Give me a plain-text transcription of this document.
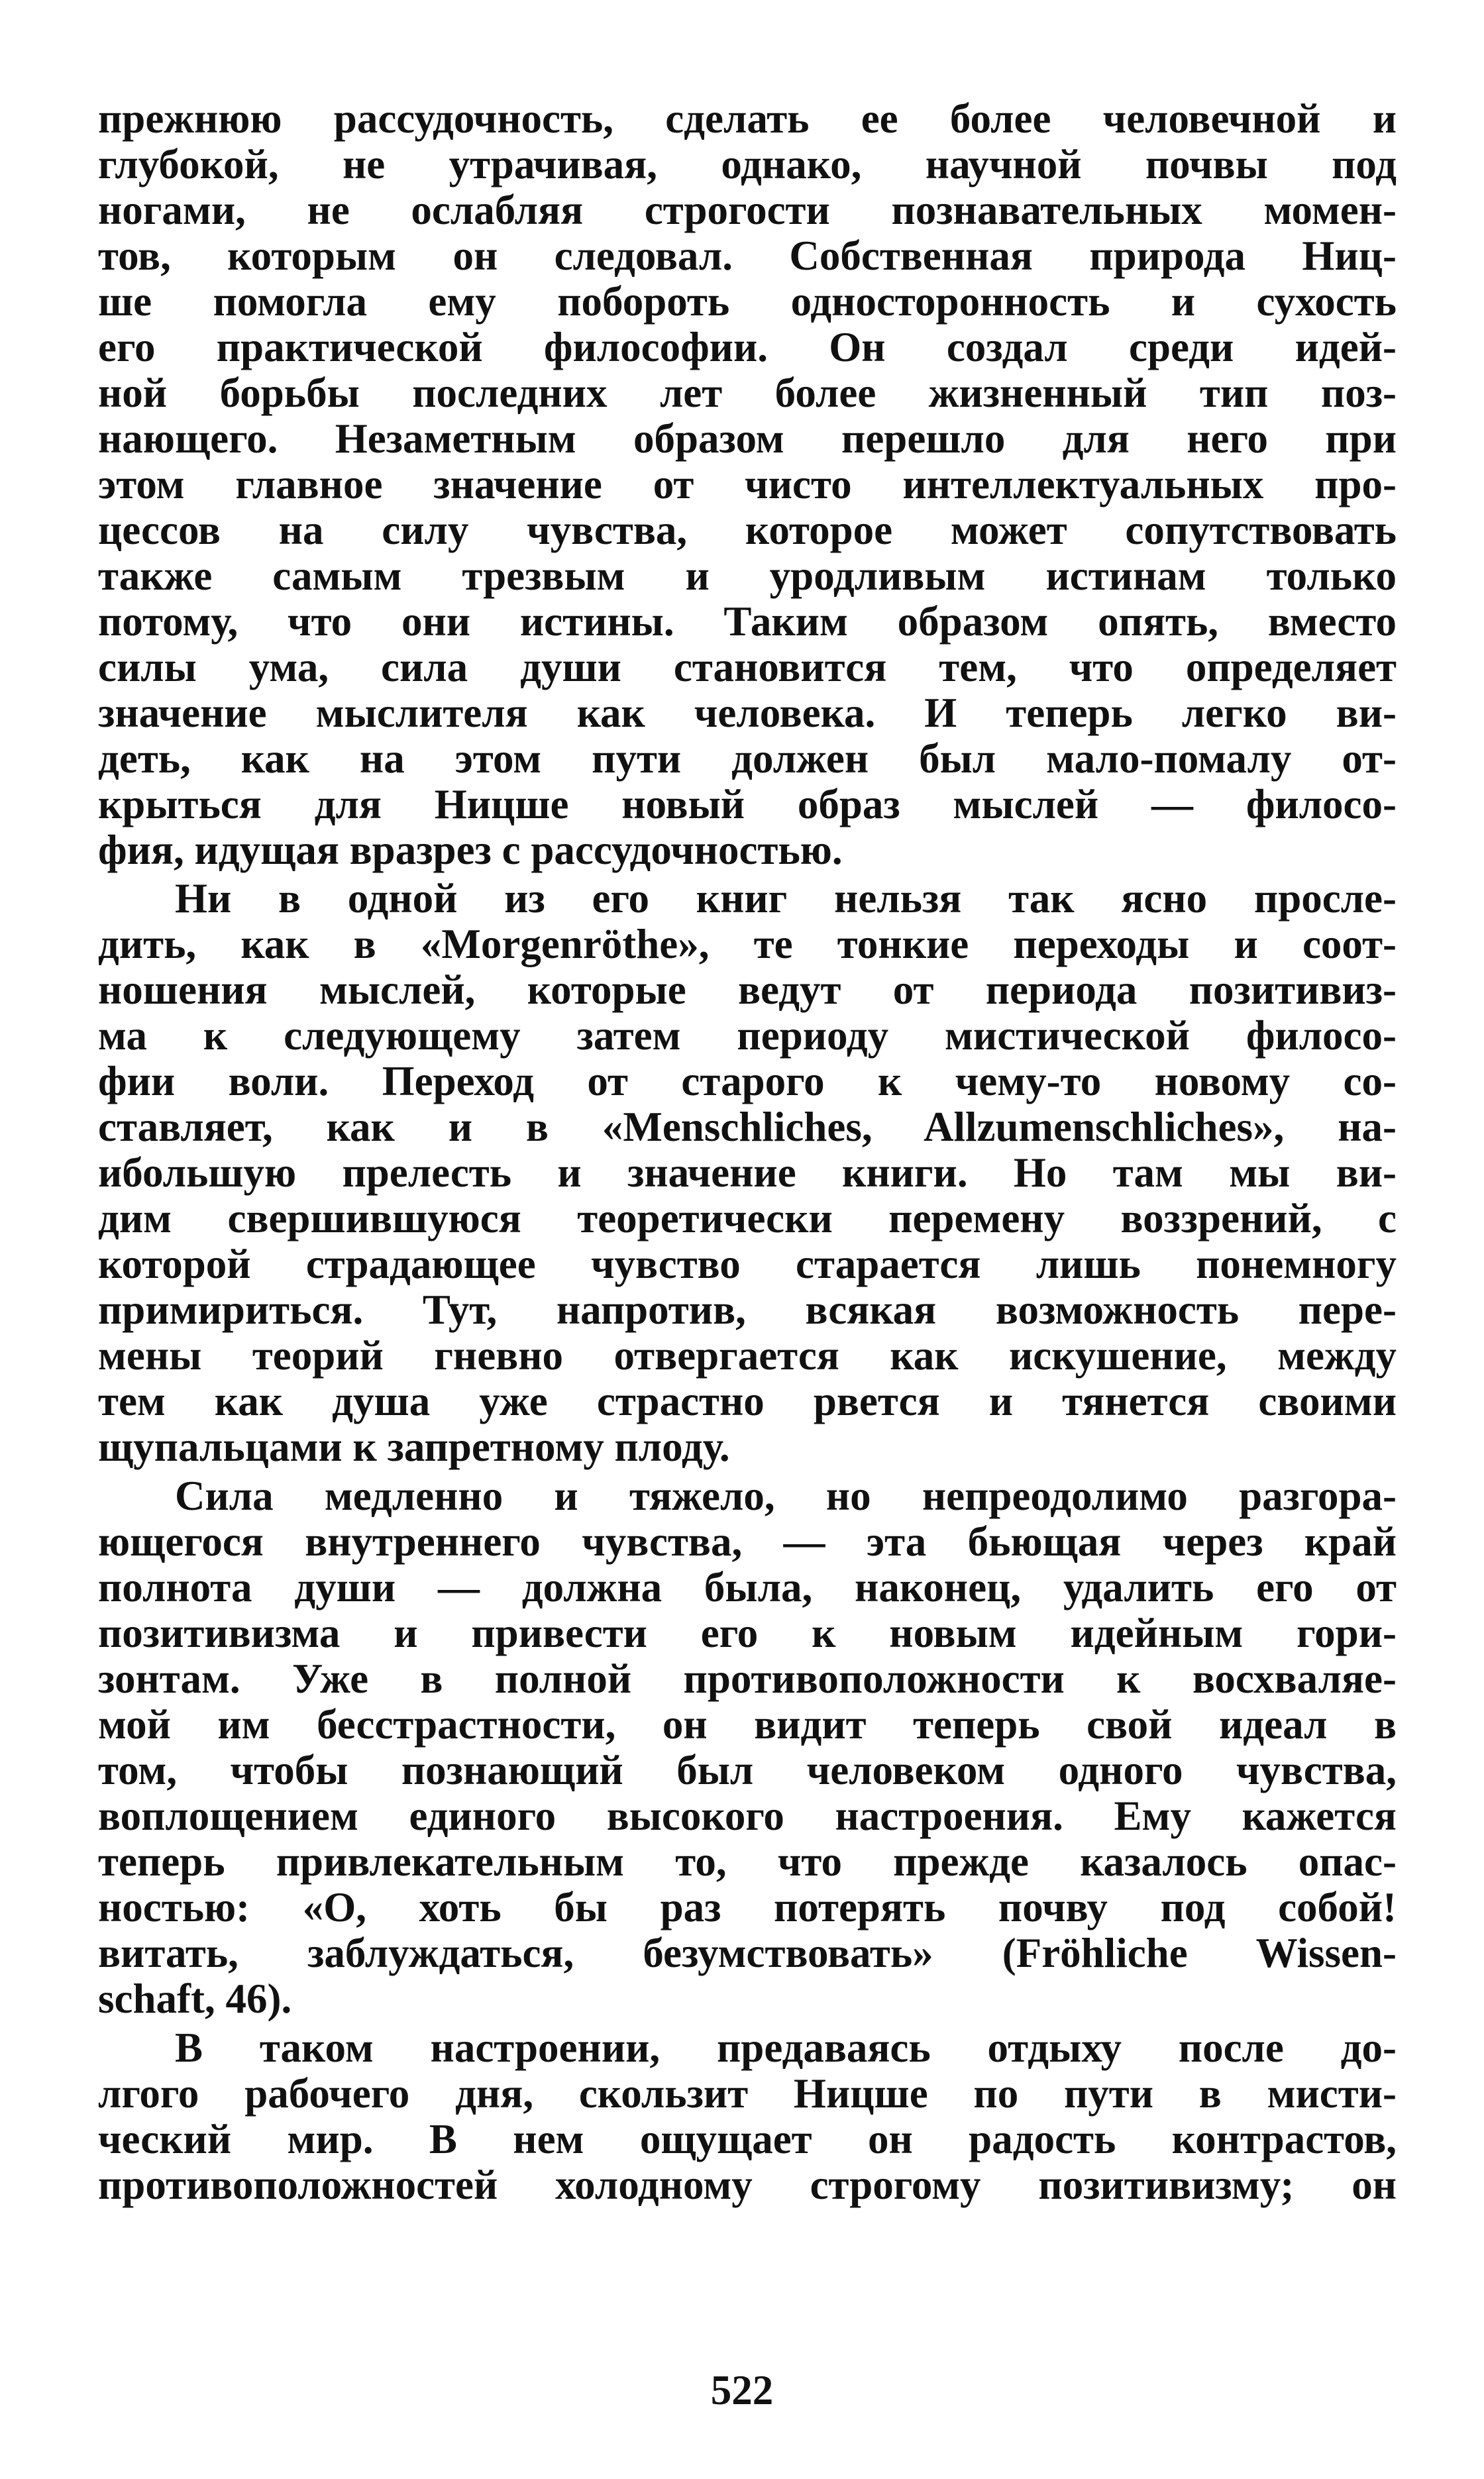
прежнюю рассудочность, сделать ее более человечной и
глубокой, не утрачивая, однако, научной почвы под
ногами, не ослабляя строгости познавательных момен-
тов, которым он следовал. Собственная природа Ниц-
ше помогла ему побороть односторонность и сухость
его практической философии. Он создал среди идей-
ной борьбы последних лет более жизненный тип поз-
нающего. Незаметным образом перешло для него при
этом главное значение от чисто интеллектуальных про-
цессов на силу чувства, которое может сопутствовать
также самым трезвым и уродливым истинам только
потому, что они истины. Таким образом опять, вместо
силы ума, сила души становится тем, что определяет
значение мыслителя как человека. И теперь легко ви-
деть, как на этом пути должен был мало-помалу от-
крыться для Ницше новый образ мыслей — филосо-
фия, идущая вразрез с рассудочностью.
Ни в одной из его книг нельзя так ясно просле-
дить, как в «Morgenröthe», те тонкие переходы и соот-
ношения мыслей, которые ведут от периода позитивиз-
ма к следующему затем периоду мистической филосо-
фии воли. Переход от старого к чему-то новому со-
ставляет, как и в «Menschliches, Allzumenschliches», на-
ибольшую прелесть и значение книги. Но там мы ви-
дим свершившуюся теоретически перемену воззрений, с
которой страдающее чувство старается лишь понемногу
примириться. Тут, напротив, всякая возможность пере-
мены теорий гневно отвергается как искушение, между
тем как душа уже страстно рвется и тянется своими
щупальцами к запретному плоду.
Сила медленно и тяжело, но непреодолимо разгора-
ющегося внутреннего чувства, — эта бьющая через край
полнота души — должна была, наконец, удалить его от
позитивизма и привести его к новым идейным гори-
зонтам. Уже в полной противоположности к восхваляе-
мой им бесстрастности, он видит теперь свой идеал в
том, чтобы познающий был человеком одного чувства,
воплощением единого высокого настроения. Ему кажется
теперь привлекательным то, что прежде казалось опас-
ностью: «О, хоть бы раз потерять почву под собой!
витать, заблуждаться, безумствовать» (Fröhliche Wissen-
schaft, 46).
В таком настроении, предаваясь отдыху после до-
лгого рабочего дня, скользит Ницше по пути в мисти-
ческий мир. В нем ощущает он радость контрастов,
противоположностей холодному строгому позитивизму; он
522
